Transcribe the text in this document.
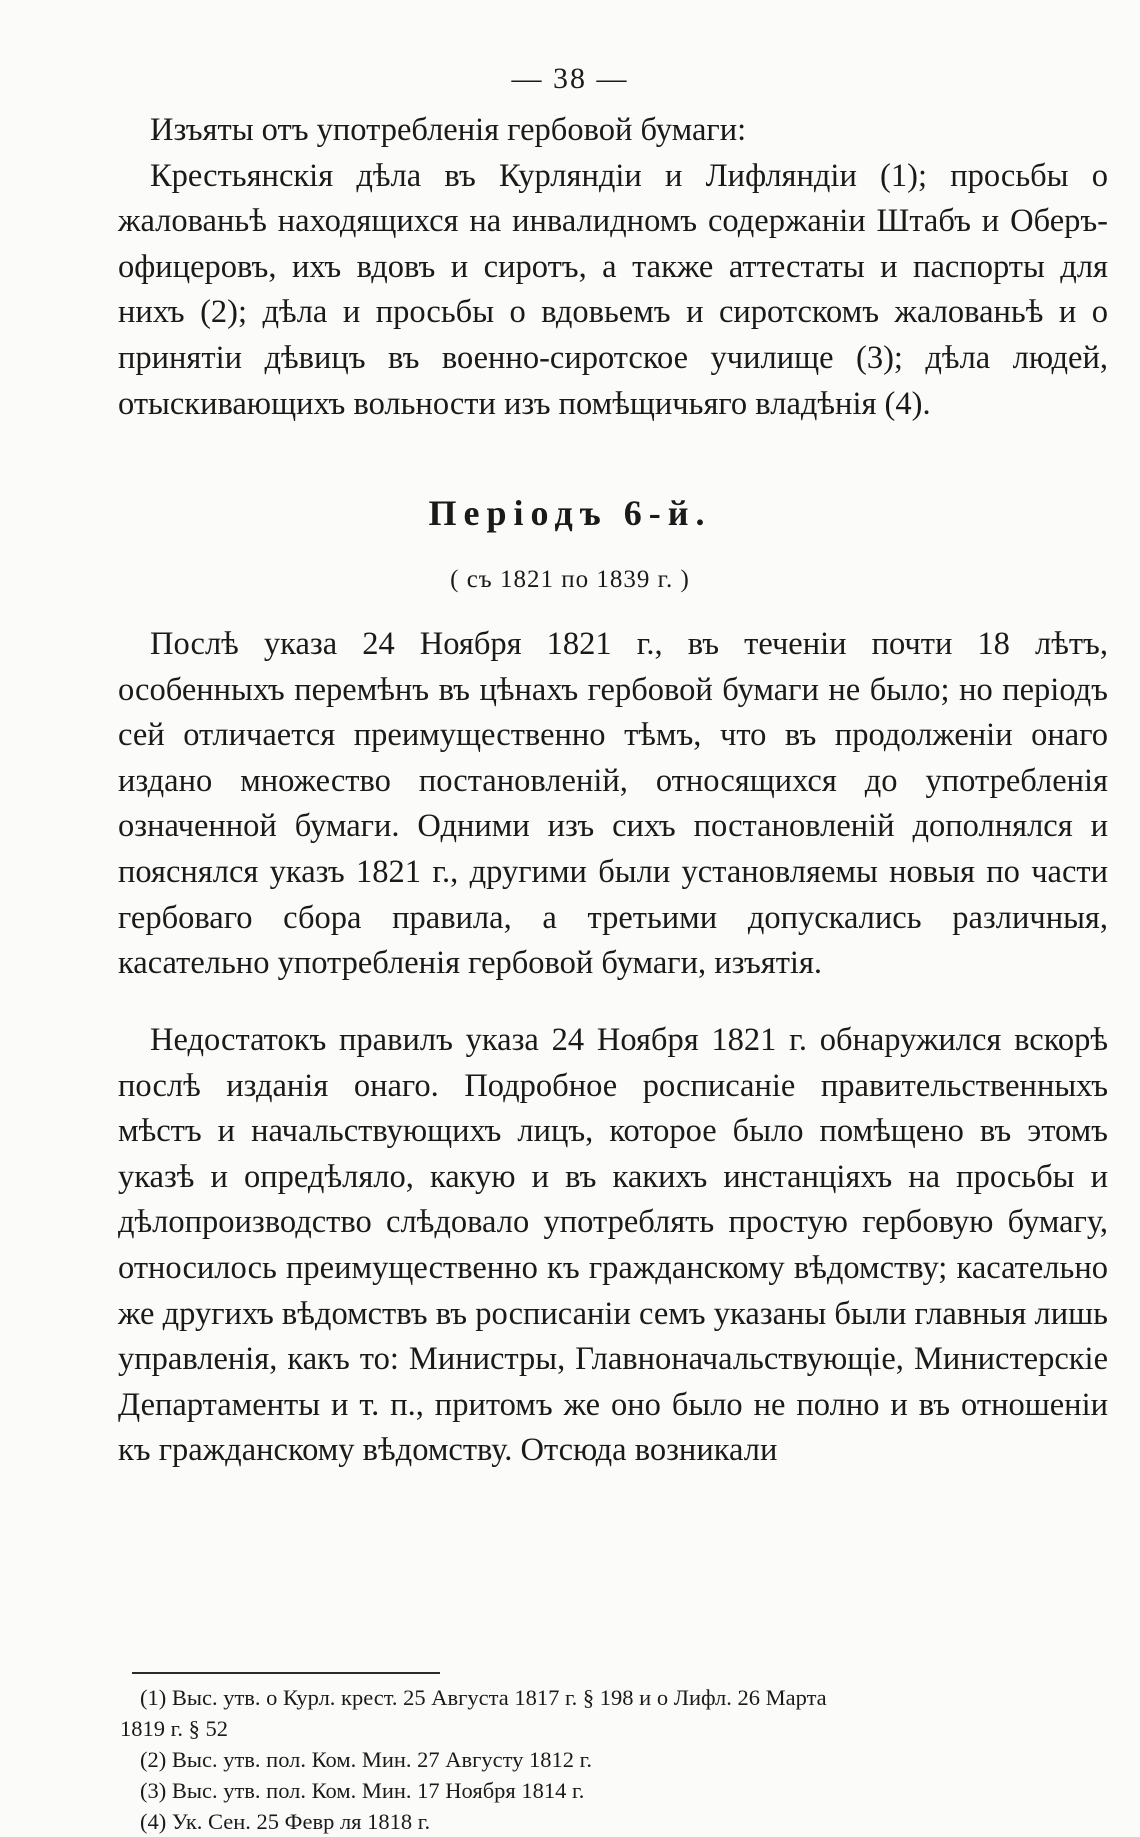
— 38 —

Изъяты отъ употребленія гербовой бумаги:

Крестьянскія дѣла въ Курляндіи и Лифляндіи (1); просьбы о жалованьѣ находящихся на инвалидномъ содержаніи Штабъ и Оберъ-офицеровъ, ихъ вдовъ и сиротъ, а также аттестаты и паспорты для нихъ (2); дѣла и просьбы о вдовьемъ и сиротскомъ жалованьѣ и о принятіи дѣвицъ въ военно-сиротское училище (3); дѣла людей, отыскивающихъ вольности изъ помѣщичьяго владѣнія (4).

Періодъ 6-й.
( съ 1821 по 1839 г. )

Послѣ указа 24 Ноября 1821 г., въ теченіи почти 18 лѣтъ, особенныхъ перемѣнъ въ цѣнахъ гербовой бумаги не было; но періодъ сей отличается преимущественно тѣмъ, что въ продолженіи онаго издано множество постановленій, относящихся до употребленія означенной бумаги. Одними изъ сихъ постановленій дополнялся и пояснялся указъ 1821 г., другими были установляемы новыя по части гербоваго сбора правила, а третьими допускались различныя, касательно употребленія гербовой бумаги, изъятія.

Недостатокъ правилъ указа 24 Ноября 1821 г. обнаружился вскорѣ послѣ изданія онаго. Подробное росписаніе правительственныхъ мѣстъ и начальствующихъ лицъ, которое было помѣщено въ этомъ указѣ и опредѣляло, какую и въ какихъ инстанціяхъ на просьбы и дѣлопроизводство слѣдовало употреблять простую гербовую бумагу, относилось преимущественно къ гражданскому вѣдомству; касательно же другихъ вѣдомствъ въ росписаніи семъ указаны были главныя лишь управленія, какъ то: Министры, Главноначальствующіе, Министерскіе Департаменты и т. п., притомъ же оно было не полно и въ отношеніи къ гражданскому вѣдомству. Отсюда возникали

(1) Выс. утв. о Курл. крест. 25 Августа 1817 г. § 198 и о Лифл. 26 Марта

1819 г. § 52

(2) Выс. утв. пол. Ком. Мин. 27 Августу 1812 г.

(3) Выс. утв. пол. Ком. Мин. 17 Ноября 1814 г.

(4) Ук. Сен. 25 Февр ля 1818 г.
